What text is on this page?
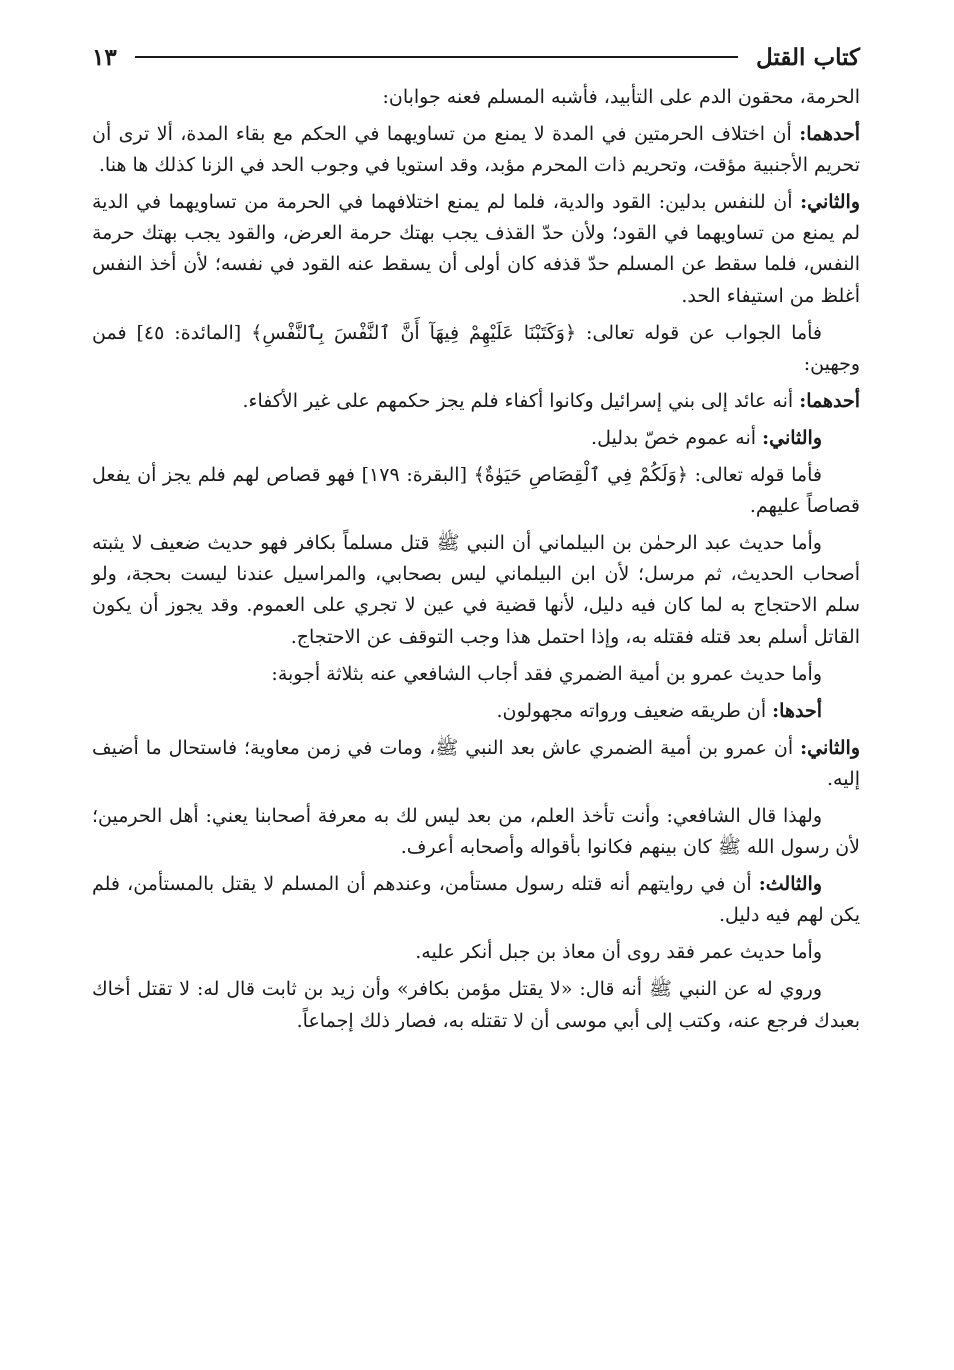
كتاب القتل
١٣

الحرمة، محقون الدم على التأبيد، فأشبه المسلم فعنه جوابان:

أحدهما: أن اختلاف الحرمتين في المدة لا يمنع من تساويهما في الحكم مع بقاء المدة، ألا ترى أن تحريم الأجنبية مؤقت، وتحريم ذات المحرم مؤبد، وقد استويا في وجوب الحد في الزنا كذلك ها هنا.

والثاني: أن للنفس بدلين: القود والدية، فلما لم يمنع اختلافهما في الحرمة من تساويهما في الدية لم يمنع من تساويهما في القود؛ ولأن حدّ القذف يجب بهتك حرمة العرض، والقود يجب بهتك حرمة النفس، فلما سقط عن المسلم حدّ قذفه كان أولى أن يسقط عنه القود في نفسه؛ لأن أخذ النفس أغلظ من استيفاء الحد.

فأما الجواب عن قوله تعالى: ﴿وَكَتَبْنَا عَلَيْهِمْ فِيهَآ أَنَّ ٱلنَّفْسَ بِٱلنَّفْسِ﴾ [المائدة: ٤٥] فمن وجهين:

أحدهما: أنه عائد إلى بني إسرائيل وكانوا أكفاء فلم يجز حكمهم على غير الأكفاء.

والثاني: أنه عموم خصّ بدليل.

فأما قوله تعالى: ﴿وَلَكُمْ فِي ٱلْقِصَاصِ حَيَوٰةٌ﴾ [البقرة: ١٧٩] فهو قصاص لهم فلم يجز أن يفعل قصاصاً عليهم.

وأما حديث عبد الرحمٰن بن البيلماني أن النبي ﷺ قتل مسلماً بكافر فهو حديث ضعيف لا يثبته أصحاب الحديث، ثم مرسل؛ لأن ابن البيلماني ليس بصحابي، والمراسيل عندنا ليست بحجة، ولو سلم الاحتجاج به لما كان فيه دليل، لأنها قضية في عين لا تجري على العموم. وقد يجوز أن يكون القاتل أسلم بعد قتله فقتله به، وإذا احتمل هذا وجب التوقف عن الاحتجاج.

وأما حديث عمرو بن أمية الضمري فقد أجاب الشافعي عنه بثلاثة أجوبة:

أحدها: أن طريقه ضعيف ورواته مجهولون.

والثاني: أن عمرو بن أمية الضمري عاش بعد النبي ﷺ، ومات في زمن معاوية؛ فاستحال ما أضيف إليه.

ولهذا قال الشافعي: وأنت تأخذ العلم، من بعد ليس لك به معرفة أصحابنا يعني: أهل الحرمين؛ لأن رسول الله ﷺ كان بينهم فكانوا بأقواله وأصحابه أعرف.

والثالث: أن في روايتهم أنه قتله رسول مستأمن، وعندهم أن المسلم لا يقتل بالمستأمن، فلم يكن لهم فيه دليل.

وأما حديث عمر فقد روى أن معاذ بن جبل أنكر عليه.

وروي له عن النبي ﷺ أنه قال: «لا يقتل مؤمن بكافر» وأن زيد بن ثابت قال له: لا تقتل أخاك بعبدك فرجع عنه، وكتب إلى أبي موسى أن لا تقتله به، فصار ذلك إجماعاً.
